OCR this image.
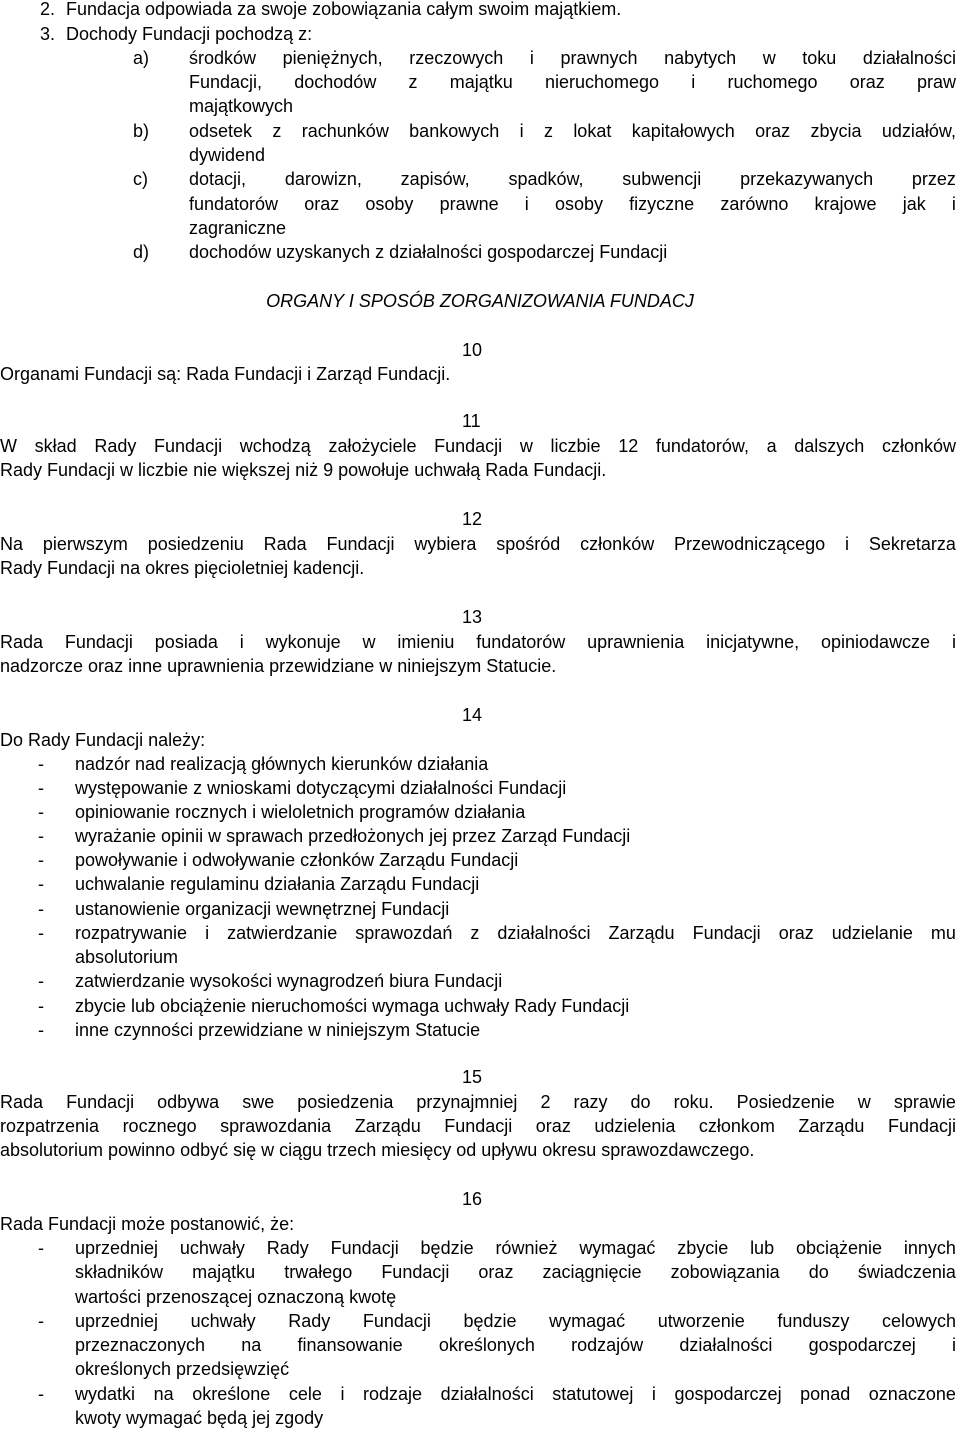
2. Fundacja odpowiada za swoje zobowiązania całym swoim majątkiem.
3. Dochody Fundacji pochodzą z:
a) środków pieniężnych, rzeczowych i prawnych nabytych w toku działalności
Fundacji, dochodów z majątku nieruchomego i ruchomego oraz praw
majątkowych
b) odsetek z rachunków bankowych i z lokat kapitałowych oraz zbycia udziałów,
dywidend
c) dotacji, darowizn, zapisów, spadków, subwencji przekazywanych przez
fundatorów oraz osoby prawne i osoby fizyczne zarówno krajowe jak i
zagraniczne
d) dochodów uzyskanych z działalności gospodarczej Fundacji
ORGANY I SPOSÓB ZORGANIZOWANIA FUNDACJ
10
Organami Fundacji są: Rada Fundacji i Zarząd Fundacji.
11
W skład Rady Fundacji wchodzą założyciele Fundacji w liczbie 12 fundatorów, a dalszych członków
Rady Fundacji w liczbie nie większej niż 9 powołuje uchwałą Rada Fundacji.
12
Na pierwszym posiedzeniu Rada Fundacji wybiera spośród członków Przewodniczącego i Sekretarza
Rady Fundacji na okres pięcioletniej kadencji.
13
Rada Fundacji posiada i wykonuje w imieniu fundatorów uprawnienia inicjatywne, opiniodawcze i
nadzorcze oraz inne uprawnienia przewidziane w niniejszym Statucie.
14
Do Rady Fundacji należy:
15
Rada Fundacji odbywa swe posiedzenia przynajmniej 2 razy do roku. Posiedzenie w sprawie
rozpatrzenia rocznego sprawozdania Zarządu Fundacji oraz udzielenia członkom Zarządu Fundacji
absolutorium powinno odbyć się w ciągu trzech miesięcy od upływu okresu sprawozdawczego.
16
Rada Fundacji może postanowić, że:
- nadzór nad realizacją głównych kierunków działania
- występowanie z wnioskami dotyczącymi działalności Fundacji
- opiniowanie rocznych i wieloletnich programów działania
- wyrażanie opinii w sprawach przedłożonych jej przez Zarząd Fundacji
- powoływanie i odwoływanie członków Zarządu Fundacji
- uchwalanie regulaminu działania Zarządu Fundacji
- ustanowienie organizacji wewnętrznej Fundacji
- rozpatrywanie i zatwierdzanie sprawozdań z działalności Zarządu Fundacji oraz udzielanie mu
absolutorium
- zatwierdzanie wysokości wynagrodzeń biura Fundacji
- zbycie lub obciążenie nieruchomości wymaga uchwały Rady Fundacji
- inne czynności przewidziane w niniejszym Statucie
- uprzedniej uchwały Rady Fundacji będzie również wymagać zbycie lub obciążenie innych
składników majątku trwałego Fundacji oraz zaciągnięcie zobowiązania do świadczenia
wartości przenoszącej oznaczoną kwotę
- uprzedniej uchwały Rady Fundacji będzie wymagać utworzenie funduszy celowych
przeznaczonych na finansowanie określonych rodzajów działalności gospodarczej i
określonych przedsięwzięć
- wydatki na określone cele i rodzaje działalności statutowej i gospodarczej ponad oznaczone
kwoty wymagać będą jej zgody
